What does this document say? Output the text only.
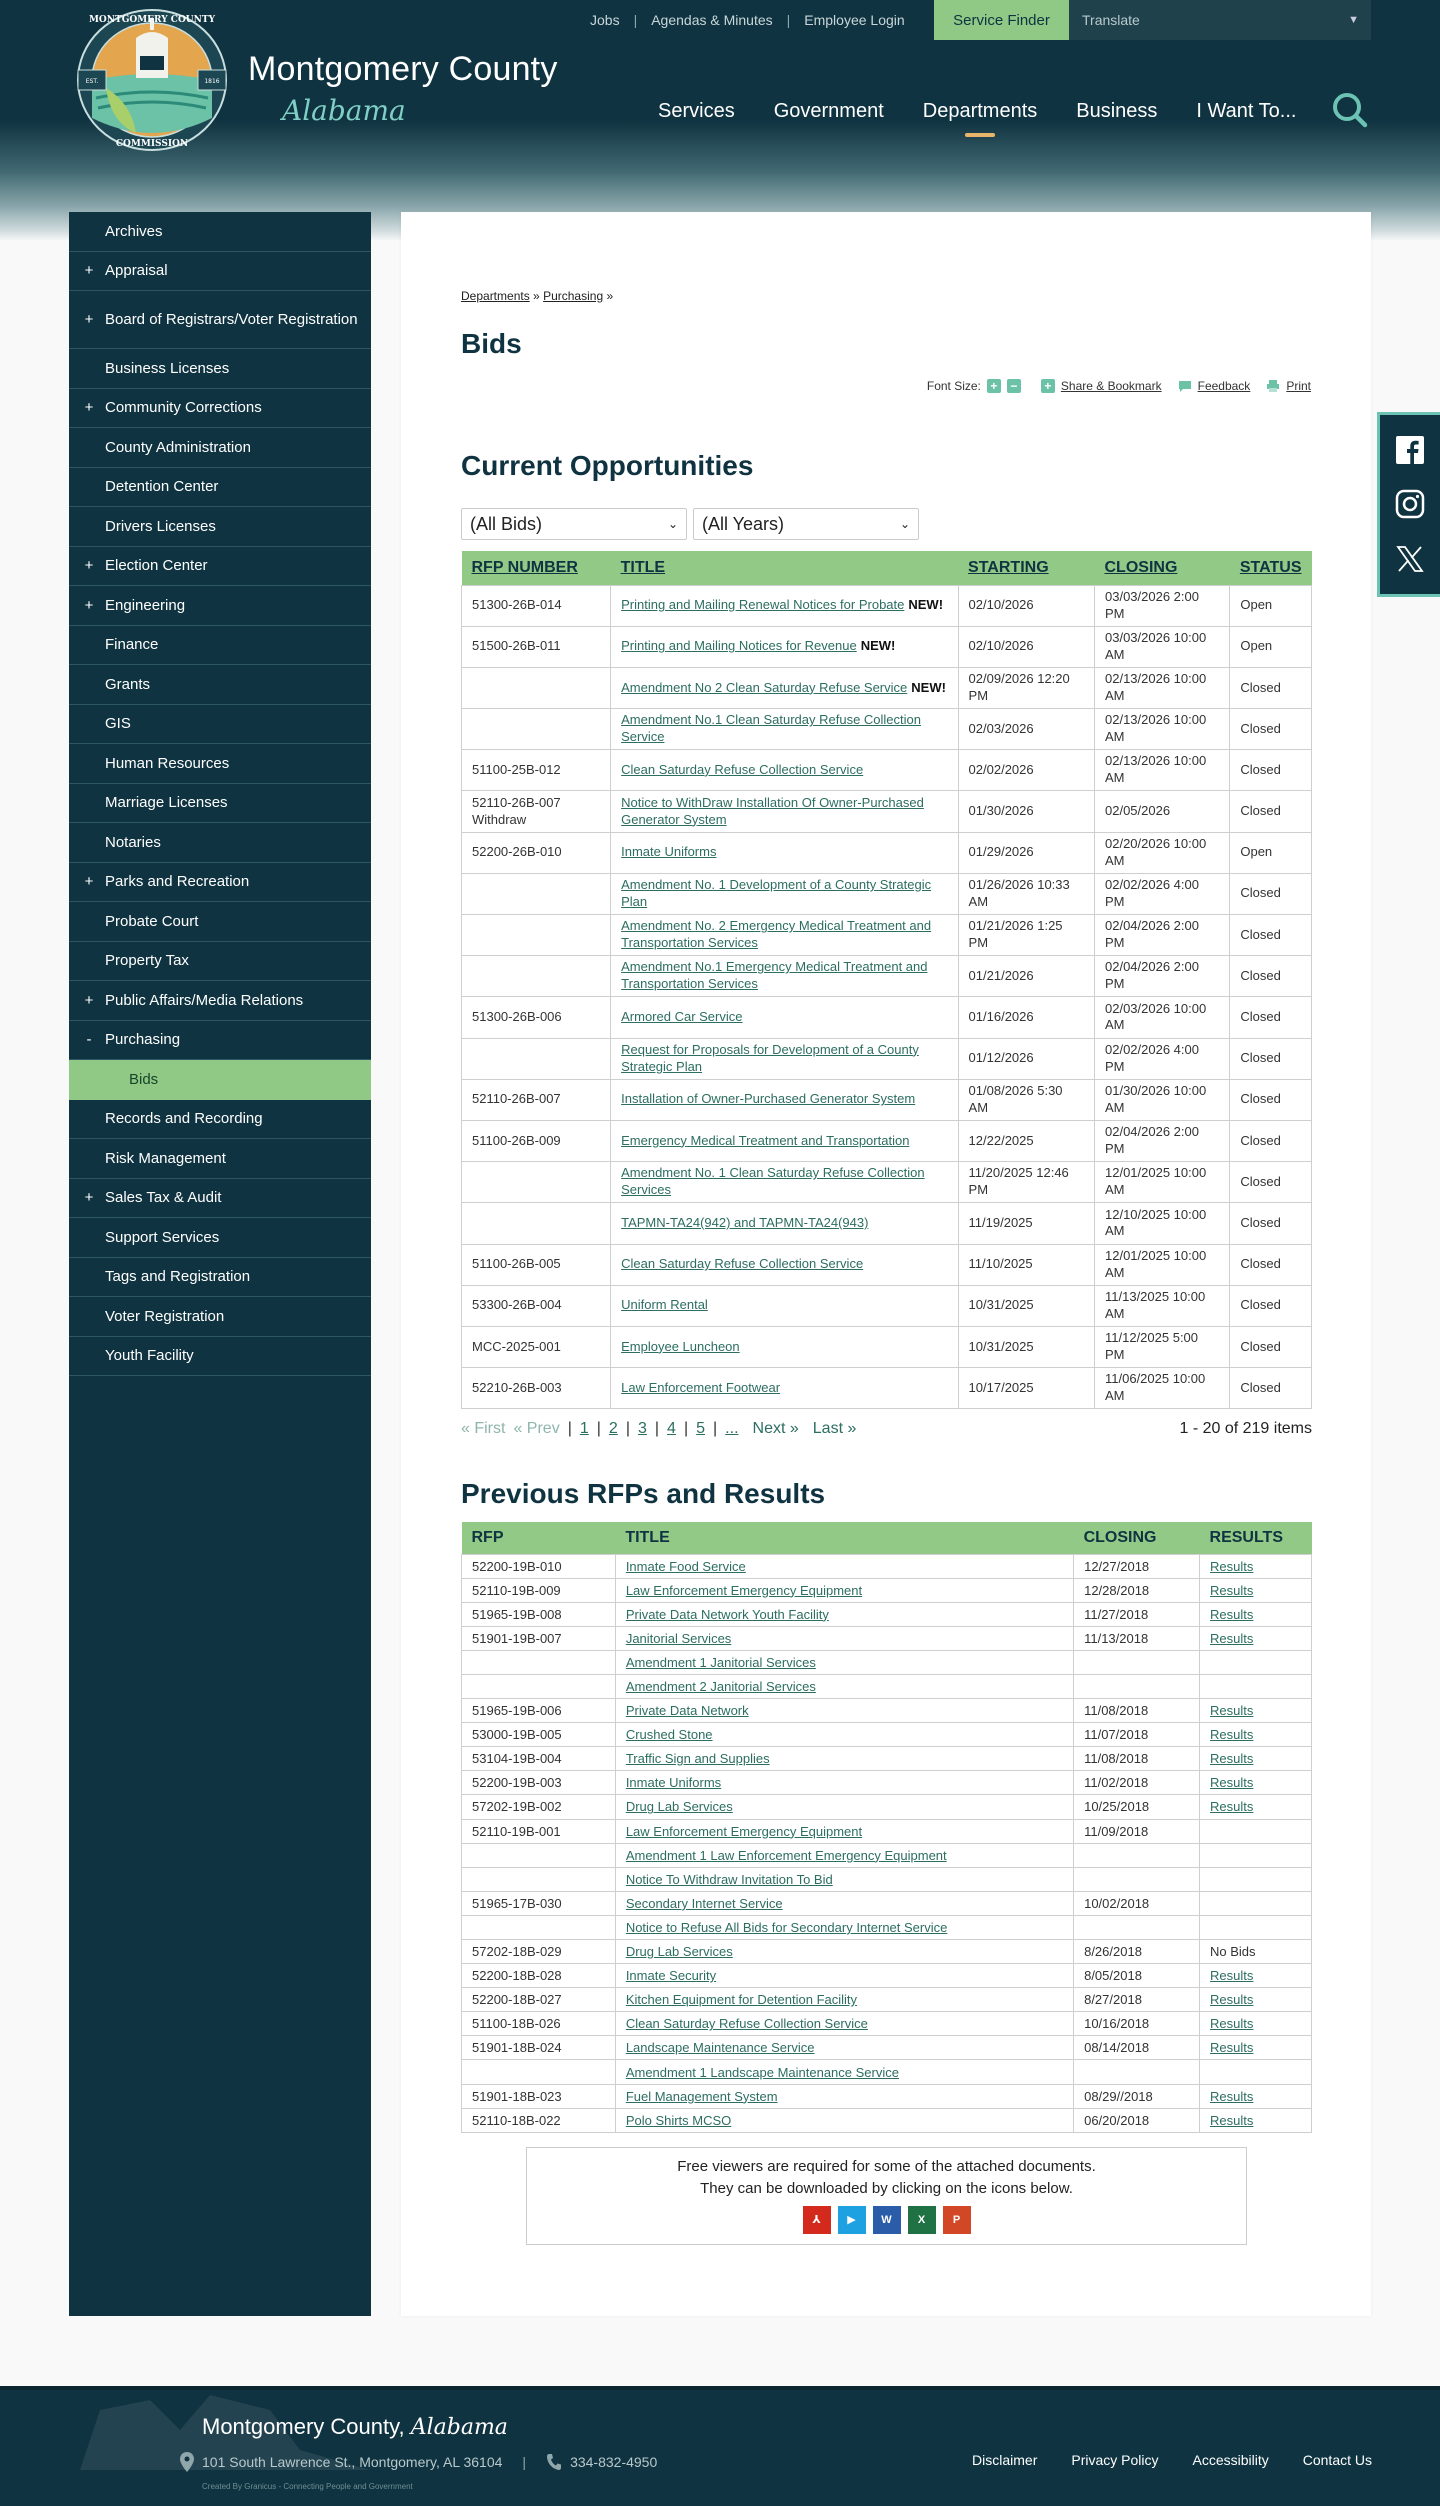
EST.	1816
MONTGOMERY COUNTY
COMMISSION
Montgomery County
Alabama
Jobs	|	Agendas & Minutes	|	Employee Login	Service Finder	Translate	▼
Services Government Departments Business I Want To...
Archives
+ Appraisal
+ Board of Registrars/Voter Registration
Business Licenses
+ Community Corrections
County Administration
Detention Center
Drivers Licenses
+ Election Center
+ Engineering
Finance
Grants
GIS
Human Resources
Marriage Licenses
Notaries
+ Parks and Recreation
Probate Court
Property Tax
+ Public Affairs/Media Relations
- Purchasing
Bids
Records and Recording
Risk Management
+ Sales Tax & Audit
Support Services
Tags and Registration
Voter Registration
Youth Facility
Departments » Purchasing »
Bids
Font Size: + − + Share & Bookmark	Feedback	Print
Current Opportunities
(All Bids)	⌄ (All Years)	⌄
RFP NUMBER	TITLE	STARTING	CLOSING	STATUS
51300-26B-014	Printing and Mailing Renewal Notices for Probate NEW!	02/10/2026	03/03/2026 2:00 PM	Open
51500-26B-011	Printing and Mailing Notices for Revenue NEW!	02/10/2026	03/03/2026 10:00 AM	Open
	Amendment No 2 Clean Saturday Refuse Service NEW!	02/09/2026 12:20 PM	02/13/2026 10:00 AM	Closed
	Amendment No.1 Clean Saturday Refuse Collection Service	02/03/2026	02/13/2026 10:00 AM	Closed
51100-25B-012	Clean Saturday Refuse Collection Service	02/02/2026	02/13/2026 10:00 AM	Closed
52110-26B-007 Withdraw	Notice to WithDraw Installation Of Owner-Purchased Generator System	01/30/2026	02/05/2026	Closed
52200-26B-010	Inmate Uniforms	01/29/2026	02/20/2026 10:00 AM	Open
	Amendment No. 1 Development of a County Strategic Plan	01/26/2026 10:33 AM	02/02/2026 4:00 PM	Closed
	Amendment No. 2 Emergency Medical Treatment and Transportation Services	01/21/2026 1:25 PM	02/04/2026 2:00 PM	Closed
	Amendment No.1 Emergency Medical Treatment and Transportation Services	01/21/2026	02/04/2026 2:00 PM	Closed
51300-26B-006	Armored Car Service	01/16/2026	02/03/2026 10:00 AM	Closed
	Request for Proposals for Development of a County Strategic Plan	01/12/2026	02/02/2026 4:00 PM	Closed
52110-26B-007	Installation of Owner-Purchased Generator System	01/08/2026 5:30 AM	01/30/2026 10:00 AM	Closed
51100-26B-009	Emergency Medical Treatment and Transportation	12/22/2025	02/04/2026 2:00 PM	Closed
	Amendment No. 1 Clean Saturday Refuse Collection Services	11/20/2025 12:46 PM	12/01/2025 10:00 AM	Closed
	TAPMN-TA24(942) and TAPMN-TA24(943)	11/19/2025	12/10/2025 10:00 AM	Closed
51100-26B-005	Clean Saturday Refuse Collection Service	11/10/2025	12/01/2025 10:00 AM	Closed
53300-26B-004	Uniform Rental	10/31/2025	11/13/2025 10:00 AM	Closed
MCC-2025-001	Employee Luncheon	10/31/2025	11/12/2025 5:00 PM	Closed
52210-26B-003	Law Enforcement Footwear	10/17/2025	11/06/2025 10:00 AM	Closed
« First « Prev | 1 | 2 | 3 | 4 | 5 | ... Next » Last »	1 - 20 of 219 items
Previous RFPs and Results
RFP	TITLE	CLOSING	RESULTS
52200-19B-010	Inmate Food Service	12/27/2018	Results
52110-19B-009	Law Enforcement Emergency Equipment	12/28/2018	Results
51965-19B-008	Private Data Network Youth Facility	11/27/2018	Results
51901-19B-007	Janitorial Services	11/13/2018	Results
	Amendment 1 Janitorial Services		
	Amendment 2 Janitorial Services		
51965-19B-006	Private Data Network	11/08/2018	Results
53000-19B-005	Crushed Stone	11/07/2018	Results
53104-19B-004	Traffic Sign and Supplies	11/08/2018	Results
52200-19B-003	Inmate Uniforms	11/02/2018	Results
57202-19B-002	Drug Lab Services	10/25/2018	Results
52110-19B-001	Law Enforcement Emergency Equipment	11/09/2018	
	Amendment 1 Law Enforcement Emergency Equipment		
	Notice To Withdraw Invitation To Bid		
51965-17B-030	Secondary Internet Service	10/02/2018	
	Notice to Refuse All Bids for Secondary Internet Service		
57202-18B-029	Drug Lab Services	8/26/2018	No Bids
52200-18B-028	Inmate Security	8/05/2018	Results
52200-18B-027	Kitchen Equipment for Detention Facility	8/27/2018	Results
51100-18B-026	Clean Saturday Refuse Collection Service	10/16/2018	Results
51901-18B-024	Landscape Maintenance Service	08/14/2018	Results
	Amendment 1 Landscape Maintenance Service		
51901-18B-023	Fuel Management System	08/29//2018	Results
52110-18B-022	Polo Shirts MCSO	06/20/2018	Results
Free viewers are required for some of the attached documents.
They can be downloaded by clicking on the icons below.
⅄	▶	W	X	P
Montgomery County, Alabama
101 South Lawrence St., Montgomery, AL 36104 |	334-832-4950
Created By Granicus - Connecting People and Government
Disclaimer Privacy Policy Accessibility Contact Us
